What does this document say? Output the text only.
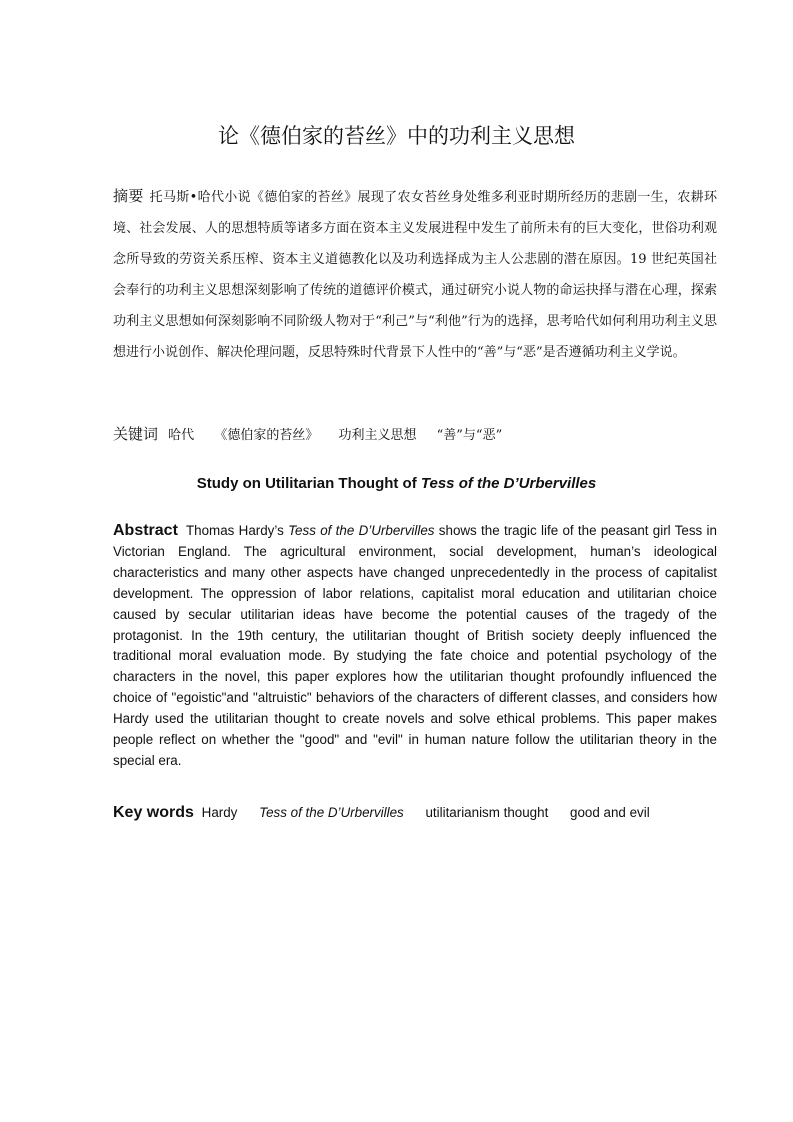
论《德伯家的苔丝》中的功利主义思想
摘要 托马斯•哈代小说《德伯家的苔丝》展现了农女苔丝身处维多利亚时期所经历的悲剧一生，农耕环境、社会发展、人的思想特质等诸多方面在资本主义发展进程中发生了前所未有的巨大变化，世俗功利观念所导致的劳资关系压榨、资本主义道德教化以及功利选择成为主人公悲剧的潜在原因。19 世纪英国社会奉行的功利主义思想深刻影响了传统的道德评价模式，通过研究小说人物的命运抉择与潜在心理，探索功利主义思想如何深刻影响不同阶级人物对于“利己”与“利他”行为的选择，思考哈代如何利用功利主义思想进行小说创作、解决伦理问题，反思特殊时代背景下人性中的“善”与“恶”是否遵循功利主义学说。
关键词 哈代 《德伯家的苔丝》 功利主义思想 “善”与“恶”
Study on Utilitarian Thought of Tess of the D’Urbervilles
Abstract Thomas Hardy’s Tess of the D’Urbervilles shows the tragic life of the peasant girl Tess in Victorian England. The agricultural environment, social development, human’s ideological characteristics and many other aspects have changed unprecedentedly in the process of capitalist development. The oppression of labor relations, capitalist moral education and utilitarian choice caused by secular utilitarian ideas have become the potential causes of the tragedy of the protagonist. In the 19th century, the utilitarian thought of British society deeply influenced the traditional moral evaluation mode. By studying the fate choice and potential psychology of the characters in the novel, this paper explores how the utilitarian thought profoundly influenced the choice of "egoistic"and "altruistic" behaviors of the characters of different classes, and considers how Hardy used the utilitarian thought to create novels and solve ethical problems. This paper makes people reflect on whether the "good" and "evil" in human nature follow the utilitarian theory in the special era.
Key words Hardy Tess of the D’Urbervilles utilitarianism thought good and evil
